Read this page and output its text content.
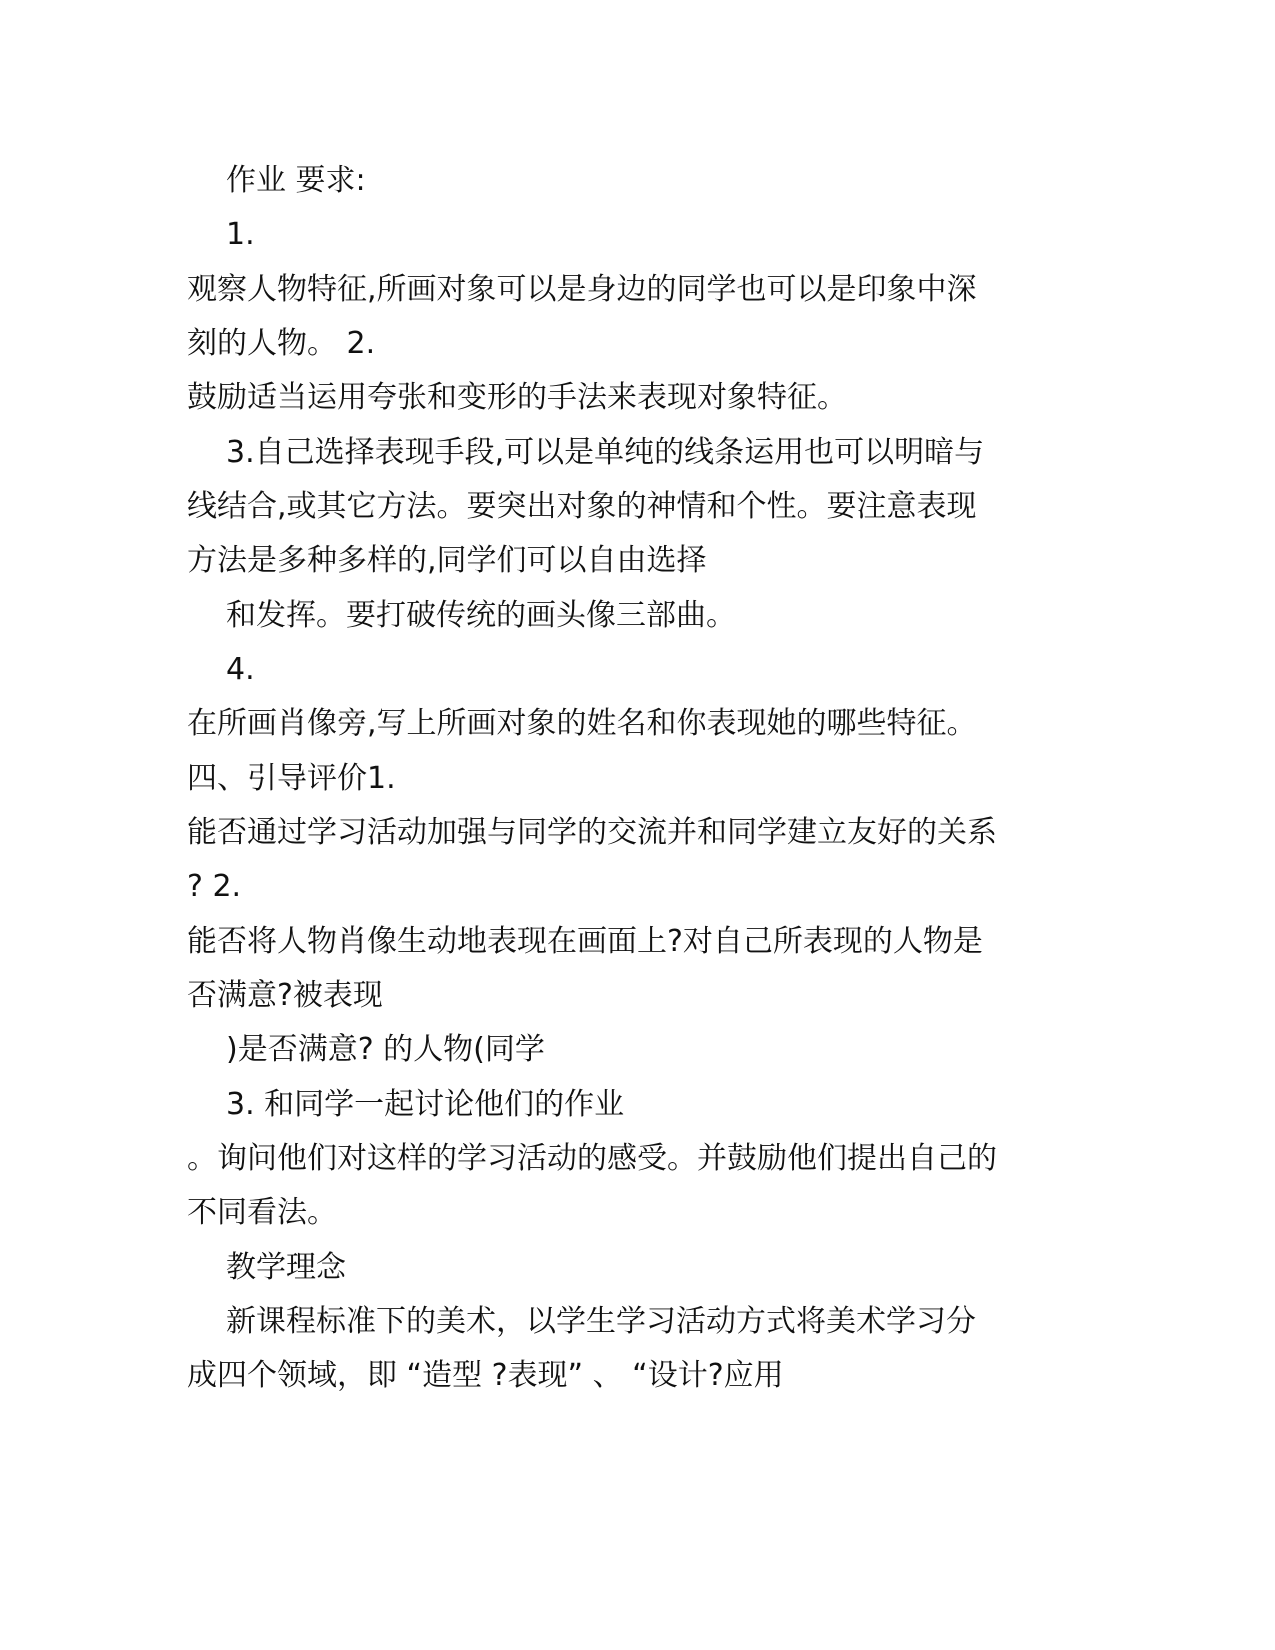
作业 要求:
1.
观察人物特征,所画对象可以是身边的同学也可以是印象中深
刻的人物。 2.
鼓励适当运用夸张和变形的手法来表现对象特征。
3.自己选择表现手段,可以是单纯的线条运用也可以明暗与
线结合,或其它方法。要突出对象的神情和个性。要注意表现
方法是多种多样的,同学们可以自由选择
和发挥。要打破传统的画头像三部曲。
4.
在所画肖像旁,写上所画对象的姓名和你表现她的哪些特征。
四、引导评价1.
能否通过学习活动加强与同学的交流并和同学建立友好的关系
? 2.
能否将人物肖像生动地表现在画面上?对自己所表现的人物是
否满意?被表现
)是否满意? 的人物(同学
3. 和同学一起讨论他们的作业
。询问他们对这样的学习活动的感受。并鼓励他们提出自己的
不同看法。
教学理念
新课程标准下的美术，以学生学习活动方式将美术学习分
成四个领域，即 “造型 ?表现” 、 “设计?应用
